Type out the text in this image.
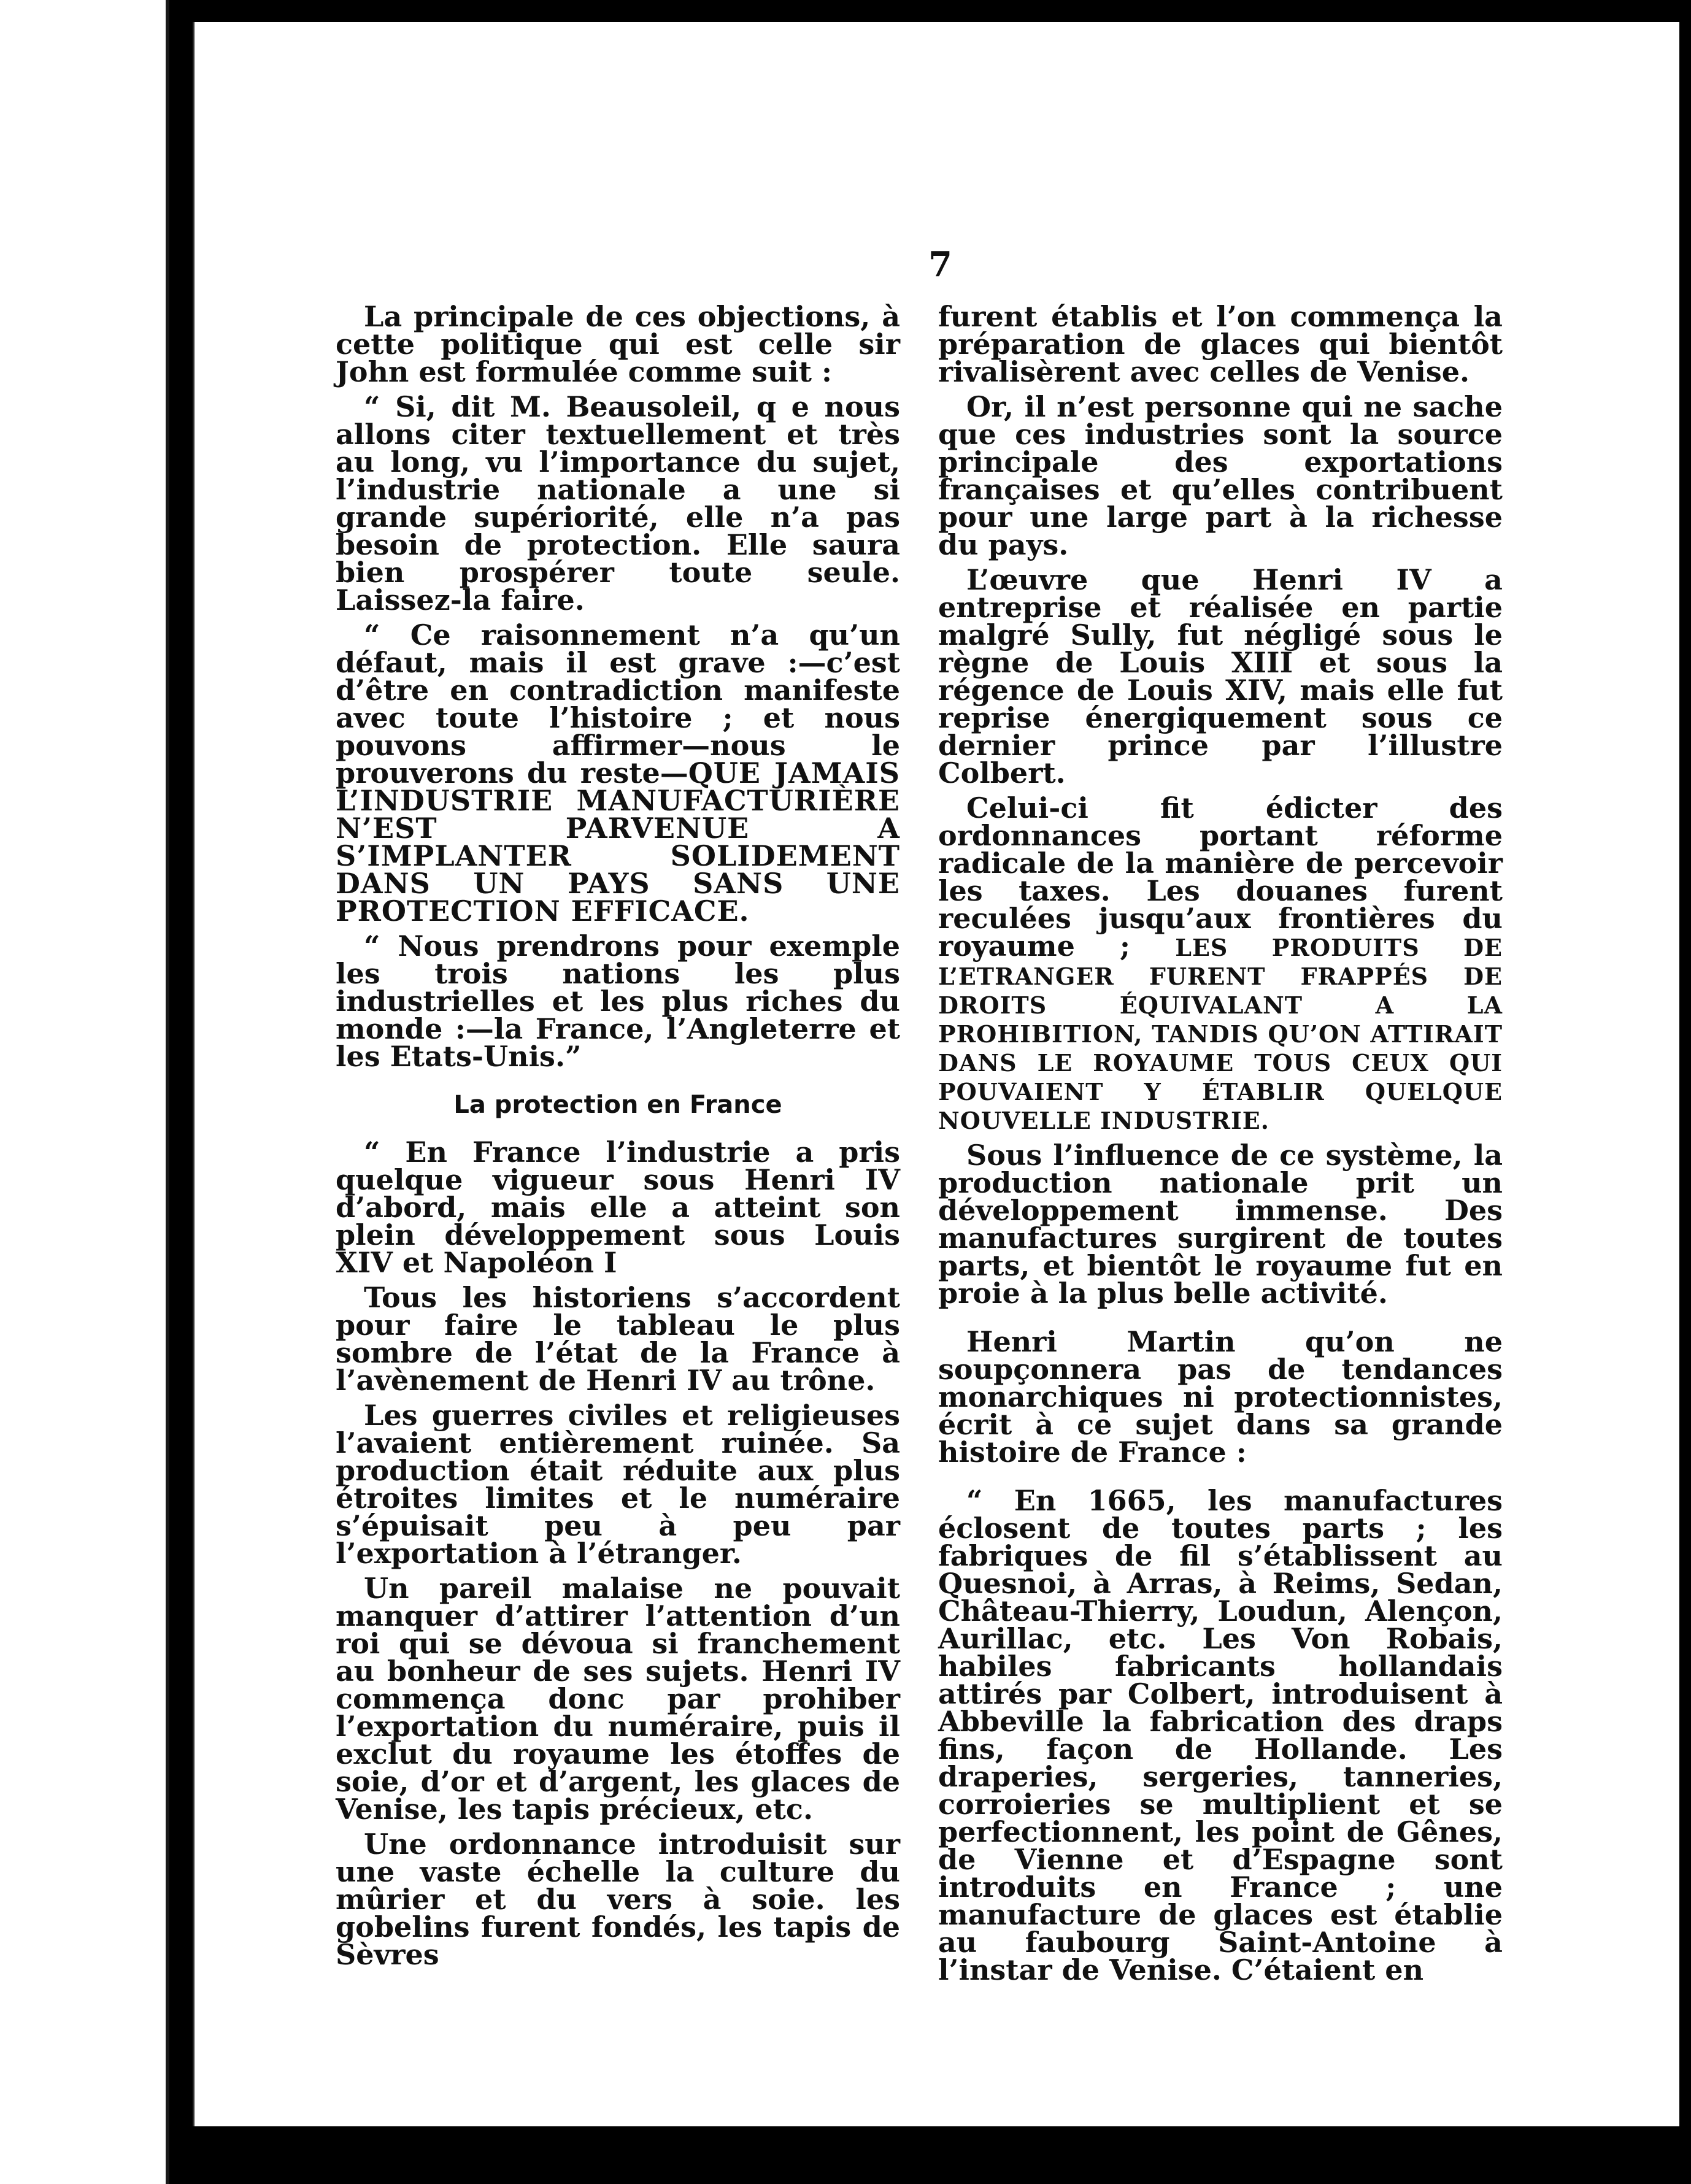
7

La principale de ces objections, à cette politique qui est celle sir John est formulée comme suit :

“ Si, dit M. Beausoleil, q e nous allons citer textuellement et très au long, vu l’importance du sujet, l’industrie nationale a une si grande supériorité, elle n’a pas besoin de protection. Elle saura bien prospérer toute seule. Laissez-la faire.

“ Ce raisonnement n’a qu’un défaut, mais il est grave :—c’est d’être en contradiction manifeste avec toute l’histoire ; et nous pouvons affirmer—nous le prouverons du reste—QUE JAMAIS L’INDUSTRIE MANUFACTURIÈRE N’EST PARVENUE A S’IMPLANTER SOLIDEMENT DANS UN PAYS SANS UNE PROTECTION EFFICACE.

“ Nous prendrons pour exemple les trois nations les plus industrielles et les plus riches du monde :—la France, l’Angleterre et les Etats-Unis.”

La protection en France

“ En France l’industrie a pris quelque vigueur sous Henri IV d’abord, mais elle a atteint son plein développement sous Louis XIV et Napoléon I

Tous les historiens s’accordent pour faire le tableau le plus sombre de l’état de la France à l’avènement de Henri IV au trône.

Les guerres civiles et religieuses l’avaient entièrement ruinée. Sa production était réduite aux plus étroites limites et le numéraire s’épuisait peu à peu par l’exportation à l’étranger.

Un pareil malaise ne pouvait manquer d’attirer l’attention d’un roi qui se dévoua si franchement au bonheur de ses sujets. Henri IV commença donc par prohiber l’exportation du numéraire, puis il exclut du royaume les étoffes de soie, d’or et d’argent, les glaces de Venise, les tapis précieux, etc.

Une ordonnance introduisit sur une vaste échelle la culture du mûrier et du vers à soie. les gobelins furent fondés, les tapis de Sèvres

furent établis et l’on commença la préparation de glaces qui bientôt rivalisèrent avec celles de Venise.

Or, il n’est personne qui ne sache que ces industries sont la source principale des exportations françaises et qu’elles contribuent pour une large part à la richesse du pays.

L’œuvre que Henri IV a entreprise et réalisée en partie malgré Sully, fut négligé sous le règne de Louis XIII et sous la régence de Louis XIV, mais elle fut reprise énergiquement sous ce dernier prince par l’illustre Colbert.

Celui-ci fit édicter des ordonnances portant réforme radicale de la manière de percevoir les taxes. Les douanes furent reculées jusqu’aux frontières du royaume ; LES PRODUITS DE L’ETRANGER FURENT FRAPPÉS DE DROITS ÉQUIVALANT A LA PROHIBITION, TANDIS QU’ON ATTIRAIT DANS LE ROYAUME TOUS CEUX QUI POUVAIENT Y ÉTABLIR QUELQUE NOUVELLE INDUSTRIE.

Sous l’influence de ce système, la production nationale prit un développement immense. Des manufactures surgirent de toutes parts, et bientôt le royaume fut en proie à la plus belle activité.

Henri Martin qu’on ne soupçonnera pas de tendances monarchiques ni protectionnistes, écrit à ce sujet dans sa grande histoire de France :

“ En 1665, les manufactures éclosent de toutes parts ; les fabriques de fil s’établissent au Quesnoi, à Arras, à Reims, Sedan, Château-Thierry, Loudun, Alençon, Aurillac, etc. Les Von Robais, habiles fabricants hollandais attirés par Colbert, introduisent à Abbeville la fabrication des draps fins, façon de Hollande. Les draperies, sergeries, tanneries, corroieries se multiplient et se perfectionnent, les point de Gênes, de Vienne et d’Espagne sont introduits en France ; une manufacture de glaces est établie au faubourg Saint-Antoine à l’instar de Venise. C’étaient en
